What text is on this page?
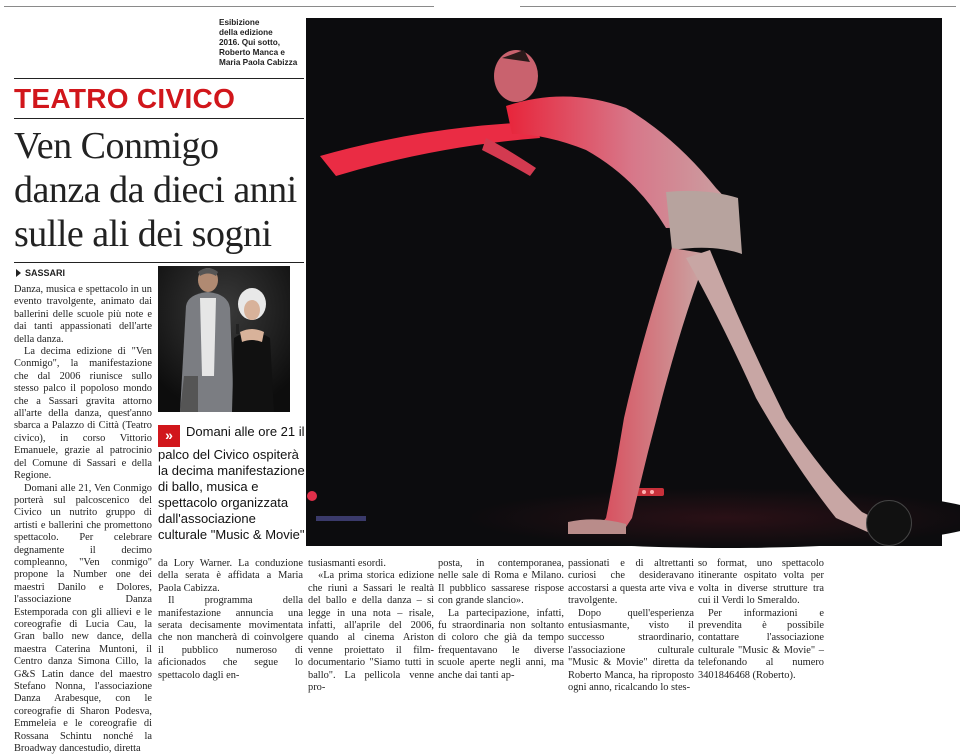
Esibizione
della edizione
2016. Qui sotto,
Roberto Manca e
Maria Paola Cabizza
TEATRO CIVICO
Ven Conmigo
danza da dieci anni
sulle ali dei sogni
SASSARI

Danza, musica e spettacolo in un evento travolgente, animato dai ballerini delle scuole più note e dai tanti appassionati dell'arte della danza.

La decima edizione di "Ven Conmigo", la manifestazione che dal 2006 riunisce sullo stesso palco il popoloso mondo che a Sassari gravita attorno all'arte della danza, quest'anno sbarca a Palazzo di Città (Teatro civico), in corso Vittorio Emanuele, grazie al patrocinio del Comune di Sassari e della Regione.

Domani alle 21, Ven Conmigo porterà sul palcoscenico del Civico un nutrito gruppo di artisti e ballerini che promettono spettacolo. Per celebrare degnamente il decimo compleanno, "Ven conmigo" propone la Number one dei maestri Danilo e Dolores, l'associazione Danza Estemporada con gli allievi e le coreografie di Lucia Cau, la Gran ballo new dance, della maestra Caterina Muntoni, il Centro danza Simona Cillo, la G&S Latin dance del maestro Stefano Nonna, l'associazione Danza Arabesque, con le coreografie di Sharon Podesva, Emmeleia e le coreografie di Rossana Schintu nonché la Broadway dancestudio, diretta

» Domani alle ore 21 il palco del Civico ospiterà la decima manifestazione di ballo, musica e spettacolo organizzata dall'associazione culturale "Music & Movie"

da Lory Warner. La conduzione della serata è affidata a Maria Paola Cabizza.

Il programma della manifestazione annuncia una serata decisamente movimentata che non mancherà di coinvolgere il pubblico numeroso di aficionados che segue lo spettacolo dagli en-

tusiasmanti esordi.

«La prima storica edizione che riunì a Sassari le realtà del ballo e della danza – si legge in una nota – risale, infatti, all'aprile del 2006, quando al cinema Ariston venne proiettato il film-documentario "Siamo tutti in ballo". La pellicola venne pro-

posta, in contemporanea, nelle sale di Roma e Milano. Il pubblico sassarese rispose con grande slancio».

La partecipazione, infatti, fu straordinaria non soltanto di coloro che già da tempo frequentavano le diverse scuole aperte negli anni, ma anche dai tanti ap-

passionati e di altrettanti curiosi che desideravano accostarsi a questa arte viva e travolgente.

Dopo quell'esperienza entusiasmante, visto il successo straordinario, l'associazione culturale "Music & Movie" diretta da Roberto Manca, ha riproposto ogni anno, ricalcando lo stes-

so format, uno spettacolo itinerante ospitato volta per volta in diverse strutture tra cui il Verdi lo Smeraldo.

Per informazioni e prevendita è possibile contattare l'associazione culturale "Music & Movie" – telefonando al numero 3401846468 (Roberto).
